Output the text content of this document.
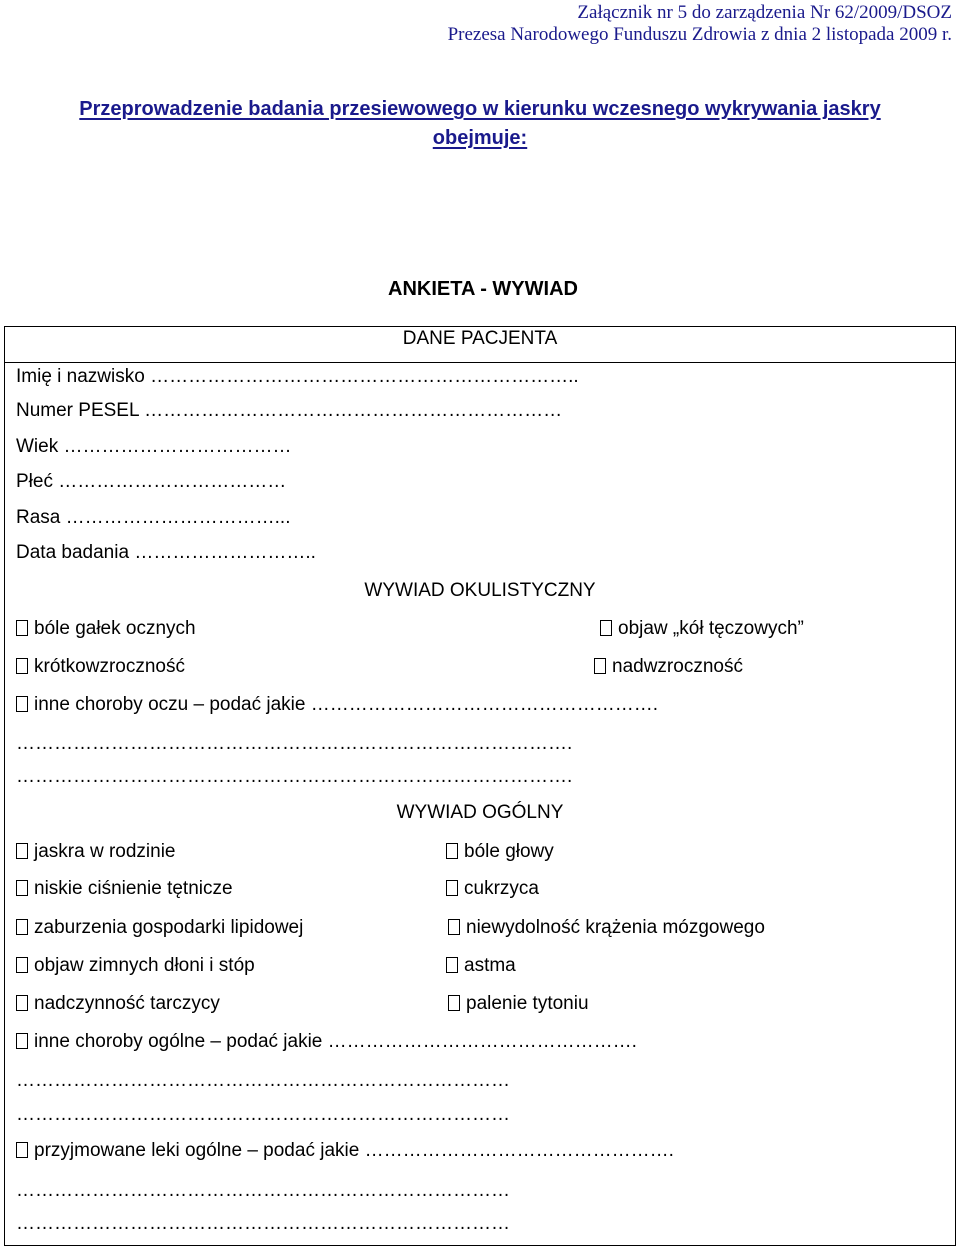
Załącznik nr 5 do zarządzenia Nr 62/2009/DSOZ
Prezesa Narodowego Funduszu Zdrowia z dnia 2 listopada 2009 r.
Przeprowadzenie badania przesiewowego w kierunku wczesnego wykrywania jaskry
obejmuje:
ANKIETA - WYWIAD
DANE PACJENTA
Imię i nazwisko …………………………………………………………..
Numer PESEL …………………………………………………………
Wiek ………………………………
Płeć ………………………………
Rasa ……………………………...
Data badania ………………………..
WYWIAD OKULISTYCZNY
bóle gałek ocznych	objaw „kół tęczowych”
krótkowzroczność	nadwzroczność
inne choroby oczu – podać jakie ……………………………………………….
…………………………………………………………………………….
…………………………………………………………………………….
WYWIAD OGÓLNY
jaskra w rodzinie	bóle głowy
niskie ciśnienie tętnicze	cukrzyca
zaburzenia gospodarki lipidowej	niewydolność krążenia mózgowego
objaw zimnych dłoni i stóp	astma
nadczynność tarczycy	palenie tytoniu
inne choroby ogólne – podać jakie ………………………………………….
……………………………………………………………………
……………………………………………………………………
przyjmowane leki ogólne – podać jakie ………………………………………….
……………………………………………………………………
……………………………………………………………………
